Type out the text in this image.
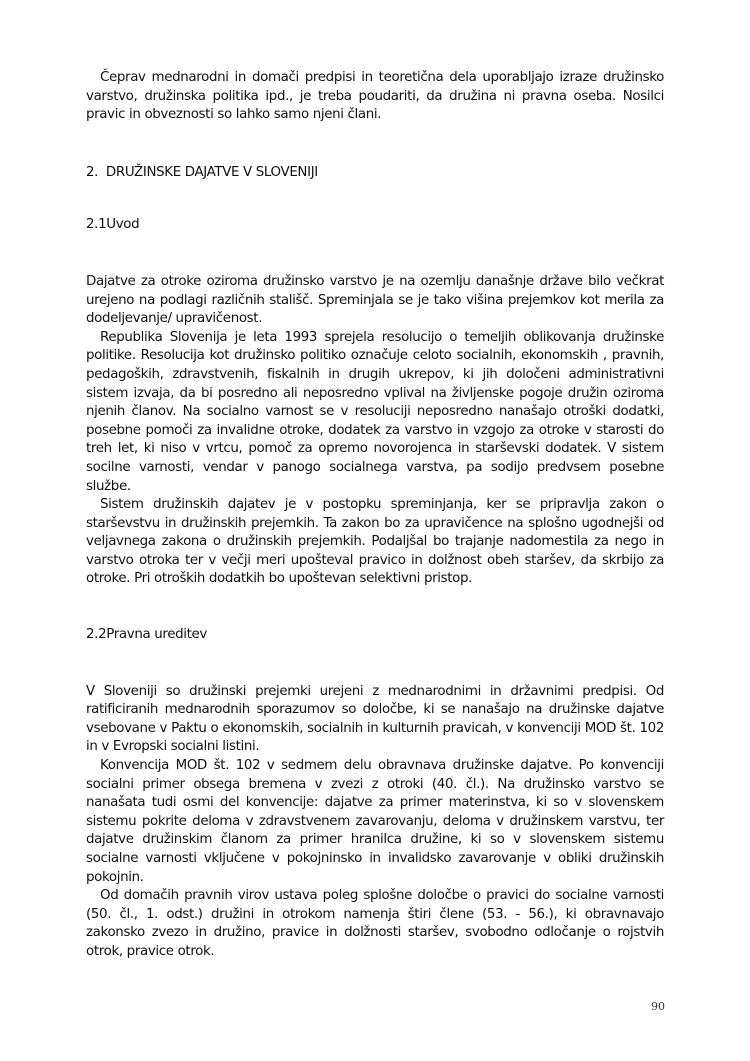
Čeprav mednarodni in domači predpisi in teoretična dela uporabljajo izraze družinsko varstvo, družinska politika ipd., je treba poudariti, da družina ni pravna oseba. Nosilci pravic in obveznosti so lahko samo njeni člani.

2. DRUŽINSKE DAJATVE V SLOVENIJI

2.1Uvod

Dajatve za otroke oziroma družinsko varstvo je na ozemlju današnje države bilo večkrat urejeno na podlagi različnih stališč. Spreminjala se je tako višina prejemkov kot merila za dodeljevanje/ upravičenost.

Republika Slovenija je leta 1993 sprejela resolucijo o temeljih oblikovanja družinske politike. Resolucija kot družinsko politiko označuje celoto socialnih, ekonomskih , pravnih, pedagoških, zdravstvenih, fiskalnih in drugih ukrepov, ki jih določeni administrativni sistem izvaja, da bi posredno ali neposredno vplival na življenske pogoje družin oziroma njenih članov. Na socialno varnost se v resoluciji neposredno nanašajo otroški dodatki, posebne pomoči za invalidne otroke, dodatek za varstvo in vzgojo za otroke v starosti do treh let, ki niso v vrtcu, pomoč za opremo novorojenca in starševski dodatek. V sistem socilne varnosti, vendar v panogo socialnega varstva, pa sodijo predvsem posebne službe.

Sistem družinskih dajatev je v postopku spreminjanja, ker se pripravlja zakon o starševstvu in družinskih prejemkih. Ta zakon bo za upravičence na splošno ugodnejši od veljavnega zakona o družinskih prejemkih. Podaljšal bo trajanje nadomestila za nego in varstvo otroka ter v večji meri upošteval pravico in dolžnost obeh staršev, da skrbijo za otroke. Pri otroških dodatkih bo upoštevan selektivni pristop.

2.2Pravna ureditev

V Sloveniji so družinski prejemki urejeni z mednarodnimi in državnimi predpisi. Od ratificiranih mednarodnih sporazumov so določbe, ki se nanašajo na družinske dajatve vsebovane v Paktu o ekonomskih, socialnih in kulturnih pravicah, v konvenciji MOD št. 102 in v Evropski socialni listini.

Konvencija MOD št. 102 v sedmem delu obravnava družinske dajatve. Po konvenciji socialni primer obsega bremena v zvezi z otroki (40. čl.). Na družinsko varstvo se nanašata tudi osmi del konvencije: dajatve za primer materinstva, ki so v slovenskem sistemu pokrite deloma v zdravstvenem zavarovanju, deloma v družinskem varstvu, ter dajatve družinskim članom za primer hranilca družine, ki so v slovenskem sistemu socialne varnosti vključene v pokojninsko in invalidsko zavarovanje v obliki družinskih pokojnin.

Od domačih pravnih virov ustava poleg splošne določbe o pravici do socialne varnosti (50. čl., 1. odst.) družini in otrokom namenja štiri člene (53. - 56.), ki obravnavajo zakonsko zvezo in družino, pravice in dolžnosti staršev, svobodno odločanje o rojstvih otrok, pravice otrok.

90
